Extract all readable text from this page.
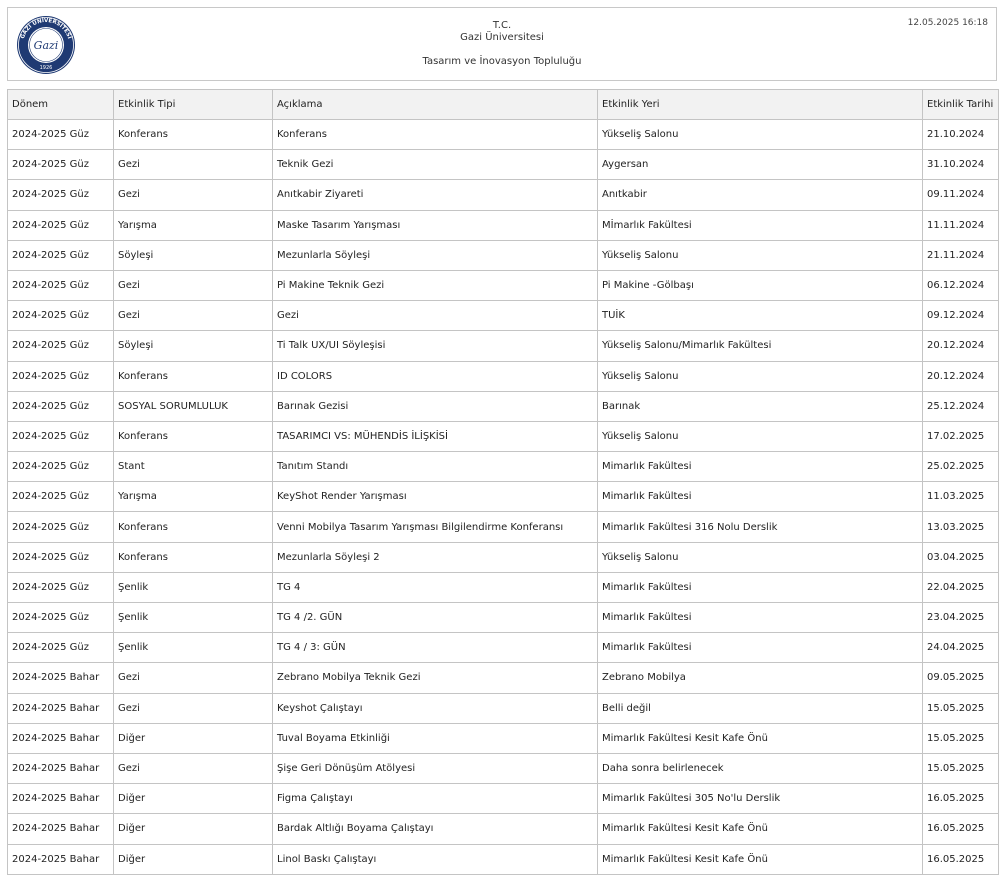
GAZİ ÜNİVERSİTESİ
Gazi
1926
T.C.
Gazi Üniversitesi
Tasarım ve İnovasyon Topluluğu
12.05.2025 16:18
Dönem	Etkinlik Tipi	Açıklama	Etkinlik Yeri	Etkinlik Tarihi
2024-2025 Güz	Konferans	Konferans	Yükseliş Salonu	21.10.2024
2024-2025 Güz	Gezi	Teknik Gezi	Aygersan	31.10.2024
2024-2025 Güz	Gezi	Anıtkabir Ziyareti	Anıtkabir	09.11.2024
2024-2025 Güz	Yarışma	Maske Tasarım Yarışması	Mİmarlık Fakültesi	11.11.2024
2024-2025 Güz	Söyleşi	Mezunlarla Söyleşi	Yükseliş Salonu	21.11.2024
2024-2025 Güz	Gezi	Pi Makine Teknik Gezi	Pi Makine -Gölbaşı	06.12.2024
2024-2025 Güz	Gezi	Gezi	TUİK	09.12.2024
2024-2025 Güz	Söyleşi	Ti Talk UX/UI Söyleşisi	Yükseliş Salonu/Mimarlık Fakültesi	20.12.2024
2024-2025 Güz	Konferans	ID COLORS	Yükseliş Salonu	20.12.2024
2024-2025 Güz	SOSYAL SORUMLULUK	Barınak Gezisi	Barınak	25.12.2024
2024-2025 Güz	Konferans	TASARIMCI VS: MÜHENDİS İLİŞKİSİ	Yükseliş Salonu	17.02.2025
2024-2025 Güz	Stant	Tanıtım Standı	Mimarlık Fakültesi	25.02.2025
2024-2025 Güz	Yarışma	KeyShot Render Yarışması	Mimarlık Fakültesi	11.03.2025
2024-2025 Güz	Konferans	Venni Mobilya Tasarım Yarışması Bilgilendirme Konferansı	Mimarlık Fakültesi 316 Nolu Derslik	13.03.2025
2024-2025 Güz	Konferans	Mezunlarla Söyleşi 2	Yükseliş Salonu	03.04.2025
2024-2025 Güz	Şenlik	TG 4	Mimarlık Fakültesi	22.04.2025
2024-2025 Güz	Şenlik	TG 4 /2. GÜN	Mimarlık Fakültesi	23.04.2025
2024-2025 Güz	Şenlik	TG 4 / 3: GÜN	Mimarlık Fakültesi	24.04.2025
2024-2025 Bahar	Gezi	Zebrano Mobilya Teknik Gezi	Zebrano Mobilya	09.05.2025
2024-2025 Bahar	Gezi	Keyshot Çalıştayı	Belli değil	15.05.2025
2024-2025 Bahar	Diğer	Tuval Boyama Etkinliği	Mimarlık Fakültesi Kesit Kafe Önü	15.05.2025
2024-2025 Bahar	Gezi	Şişe Geri Dönüşüm Atölyesi	Daha sonra belirlenecek	15.05.2025
2024-2025 Bahar	Diğer	Figma Çalıştayı	Mimarlık Fakültesi 305 No'lu Derslik	16.05.2025
2024-2025 Bahar	Diğer	Bardak Altlığı Boyama Çalıştayı	Mimarlık Fakültesi Kesit Kafe Önü	16.05.2025
2024-2025 Bahar	Diğer	Linol Baskı Çalıştayı	Mimarlık Fakültesi Kesit Kafe Önü	16.05.2025
